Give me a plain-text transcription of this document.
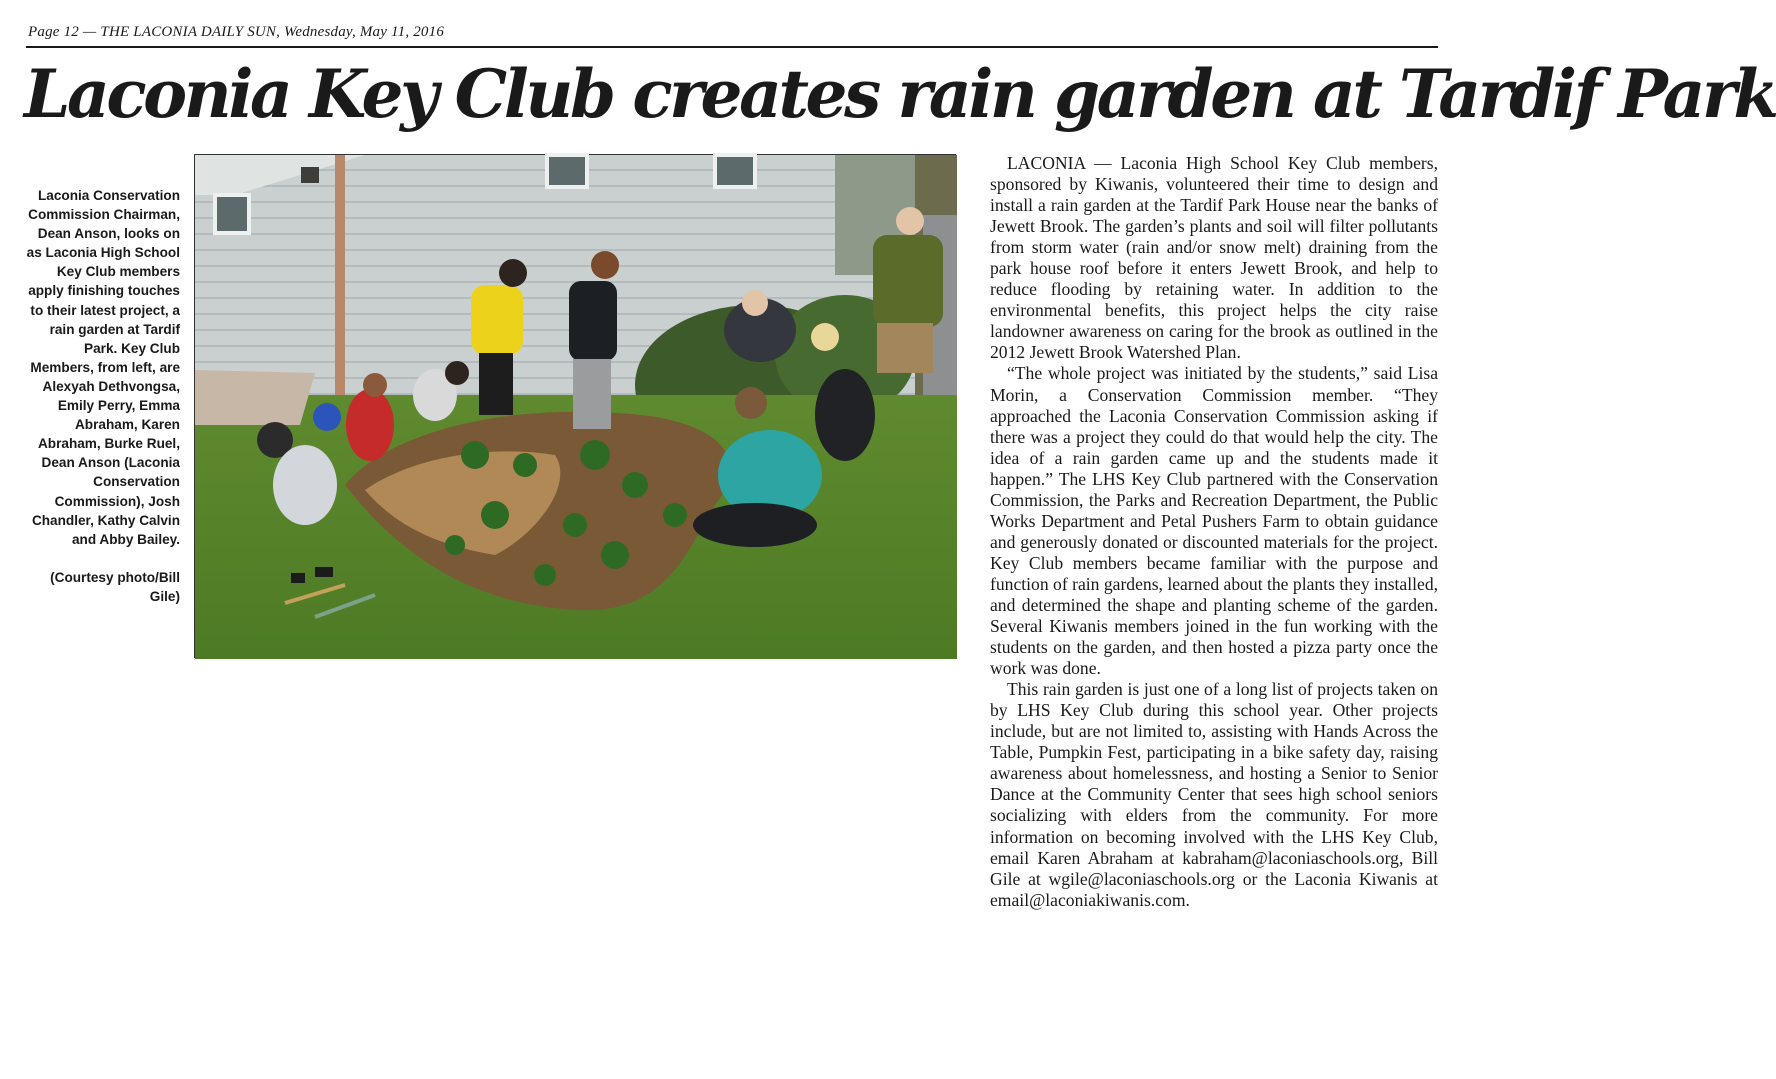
Page 12 — THE LACONIA DAILY SUN, Wednesday, May 11, 2016
Laconia Key Club creates rain garden at Tardif Park

Laconia Conservation Commission Chairman, Dean Anson, looks on as Laconia High School Key Club members apply finishing touches to their latest project, a rain garden at Tardif Park. Key Club Members, from left, are Alexyah Dethvongsa, Emily Perry, Emma Abraham, Karen Abraham, Burke Ruel, Dean Anson (Laconia Conservation Commission), Josh Chandler, Kathy Calvin and Abby Bailey.

(Courtesy photo/Bill Gile)

LACONIA — Laconia High School Key Club members, sponsored by Kiwanis, volunteered their time to design and install a rain garden at the Tardif Park House near the banks of Jewett Brook. The garden’s plants and soil will filter pollutants from storm water (rain and/or snow melt) draining from the park house roof before it enters Jewett Brook, and help to reduce flooding by retaining water. In addition to the environmental benefits, this project helps the city raise landowner awareness on caring for the brook as outlined in the 2012 Jewett Brook Watershed Plan.

“The whole project was initiated by the students,” said Lisa Morin, a Conservation Commission member. “They approached the Laconia Conservation Commission asking if there was a project they could do that would help the city. The idea of a rain garden came up and the students made it happen.” The LHS Key Club partnered with the Conservation Commission, the Parks and Recreation Department, the Public Works Department and Petal Pushers Farm to obtain guidance and generously donated or discounted materials for the project. Key Club members became familiar with the purpose and function of rain gardens, learned about the plants they installed, and determined the shape and planting scheme of the garden. Several Kiwanis members joined in the fun working with the students on the garden, and then hosted a pizza party once the work was done.

This rain garden is just one of a long list of projects taken on by LHS Key Club during this school year. Other projects include, but are not limited to, assisting with Hands Across the Table, Pumpkin Fest, participating in a bike safety day, raising awareness about homelessness, and hosting a Senior to Senior Dance at the Community Center that sees high school seniors socializing with elders from the community. For more information on becoming involved with the LHS Key Club, email Karen Abraham at kabraham@laconiaschools.org, Bill Gile at wgile@laconiaschools.org or the Laconia Kiwanis at email@laconiakiwanis.com.
